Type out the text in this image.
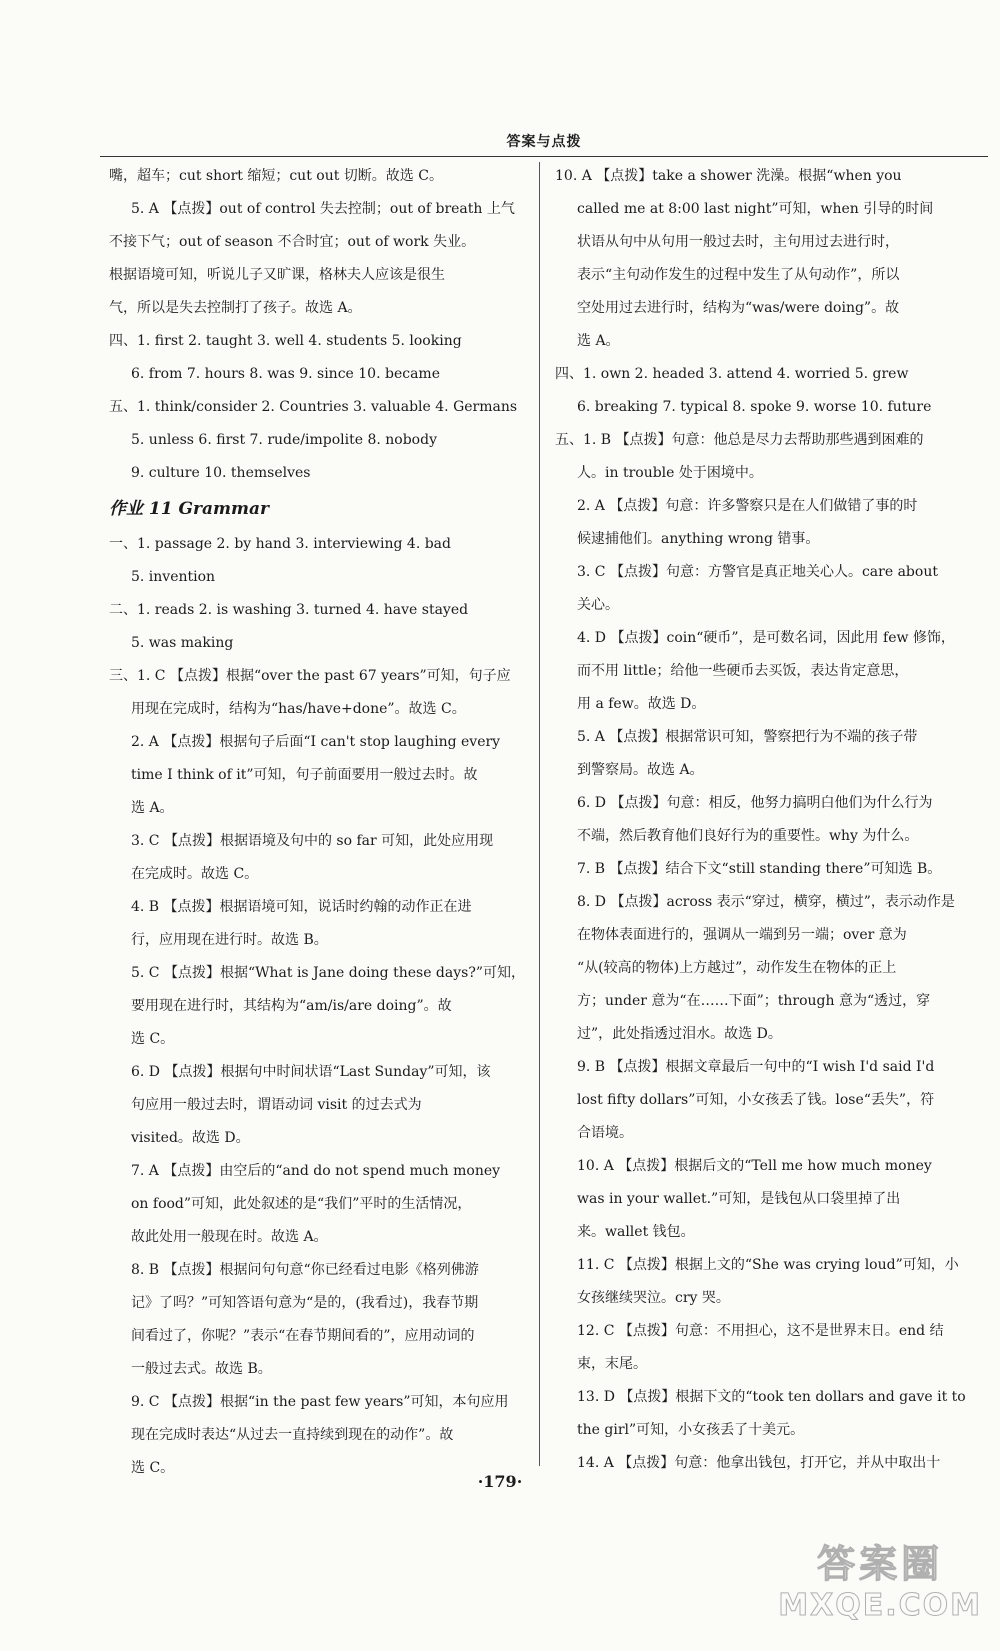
答案与点拨
嘴，超车；cut short 缩短；cut out 切断。故选 C。
5. A 【点拨】out of control 失去控制；out of breath 上气
不接下气；out of season 不合时宜；out of work 失业。
根据语境可知，听说儿子又旷课，格林夫人应该是很生
气，所以是失去控制打了孩子。故选 A。
四、1. first 2. taught 3. well 4. students 5. looking
6. from 7. hours 8. was 9. since 10. became
五、1. think/consider 2. Countries 3. valuable 4. Germans
5. unless 6. first 7. rude/impolite 8. nobody
9. culture 10. themselves
作业 11 Grammar
一、1. passage 2. by hand 3. interviewing 4. bad
5. invention
二、1. reads 2. is washing 3. turned 4. have stayed
5. was making
三、1. C 【点拨】根据“over the past 67 years”可知，句子应
用现在完成时，结构为“has/have+done”。故选 C。
2. A 【点拨】根据句子后面“I can't stop laughing every
time I think of it”可知，句子前面要用一般过去时。故
选 A。
3. C 【点拨】根据语境及句中的 so far 可知，此处应用现
在完成时。故选 C。
4. B 【点拨】根据语境可知，说话时约翰的动作正在进
行，应用现在进行时。故选 B。
5. C 【点拨】根据“What is Jane doing these days?”可知，
要用现在进行时，其结构为“am/is/are doing”。故
选 C。
6. D 【点拨】根据句中时间状语“Last Sunday”可知，该
句应用一般过去时，谓语动词 visit 的过去式为
visited。故选 D。
7. A 【点拨】由空后的“and do not spend much money
on food”可知，此处叙述的是“我们”平时的生活情况，
故此处用一般现在时。故选 A。
8. B 【点拨】根据问句句意“你已经看过电影《格列佛游
记》了吗？”可知答语句意为“是的，(我看过)，我春节期
间看过了，你呢？”表示“在春节期间看的”，应用动词的
一般过去式。故选 B。
9. C 【点拨】根据“in the past few years”可知，本句应用
现在完成时表达“从过去一直持续到现在的动作”。故
选 C。
10. A 【点拨】take a shower 洗澡。根据“when you
called me at 8:00 last night”可知，when 引导的时间
状语从句中从句用一般过去时，主句用过去进行时，
表示“主句动作发生的过程中发生了从句动作”，所以
空处用过去进行时，结构为“was/were doing”。故
选 A。
四、1. own 2. headed 3. attend 4. worried 5. grew
6. breaking 7. typical 8. spoke 9. worse 10. future
五、1. B 【点拨】句意：他总是尽力去帮助那些遇到困难的
人。in trouble 处于困境中。
2. A 【点拨】句意：许多警察只是在人们做错了事的时
候逮捕他们。anything wrong 错事。
3. C 【点拨】句意：方警官是真正地关心人。care about
关心。
4. D 【点拨】coin“硬币”，是可数名词，因此用 few 修饰，
而不用 little；给他一些硬币去买饭，表达肯定意思，
用 a few。故选 D。
5. A 【点拨】根据常识可知，警察把行为不端的孩子带
到警察局。故选 A。
6. D 【点拨】句意：相反，他努力搞明白他们为什么行为
不端，然后教育他们良好行为的重要性。why 为什么。
7. B 【点拨】结合下文“still standing there”可知选 B。
8. D 【点拨】across 表示“穿过，横穿，横过”，表示动作是
在物体表面进行的，强调从一端到另一端；over 意为
“从(较高的物体)上方越过”，动作发生在物体的正上
方；under 意为“在……下面”；through 意为“透过，穿
过”，此处指透过泪水。故选 D。
9. B 【点拨】根据文章最后一句中的“I wish I'd said I'd
lost fifty dollars”可知，小女孩丢了钱。lose“丢失”，符
合语境。
10. A 【点拨】根据后文的“Tell me how much money
was in your wallet.”可知，是钱包从口袋里掉了出
来。wallet 钱包。
11. C 【点拨】根据上文的“She was crying loud”可知，小
女孩继续哭泣。cry 哭。
12. C 【点拨】句意：不用担心，这不是世界末日。end 结
束，末尾。
13. D 【点拨】根据下文的“took ten dollars and gave it to
the girl”可知，小女孩丢了十美元。
14. A 【点拨】句意：他拿出钱包，打开它，并从中取出十
·179·
答案圈
MXQE.COM
